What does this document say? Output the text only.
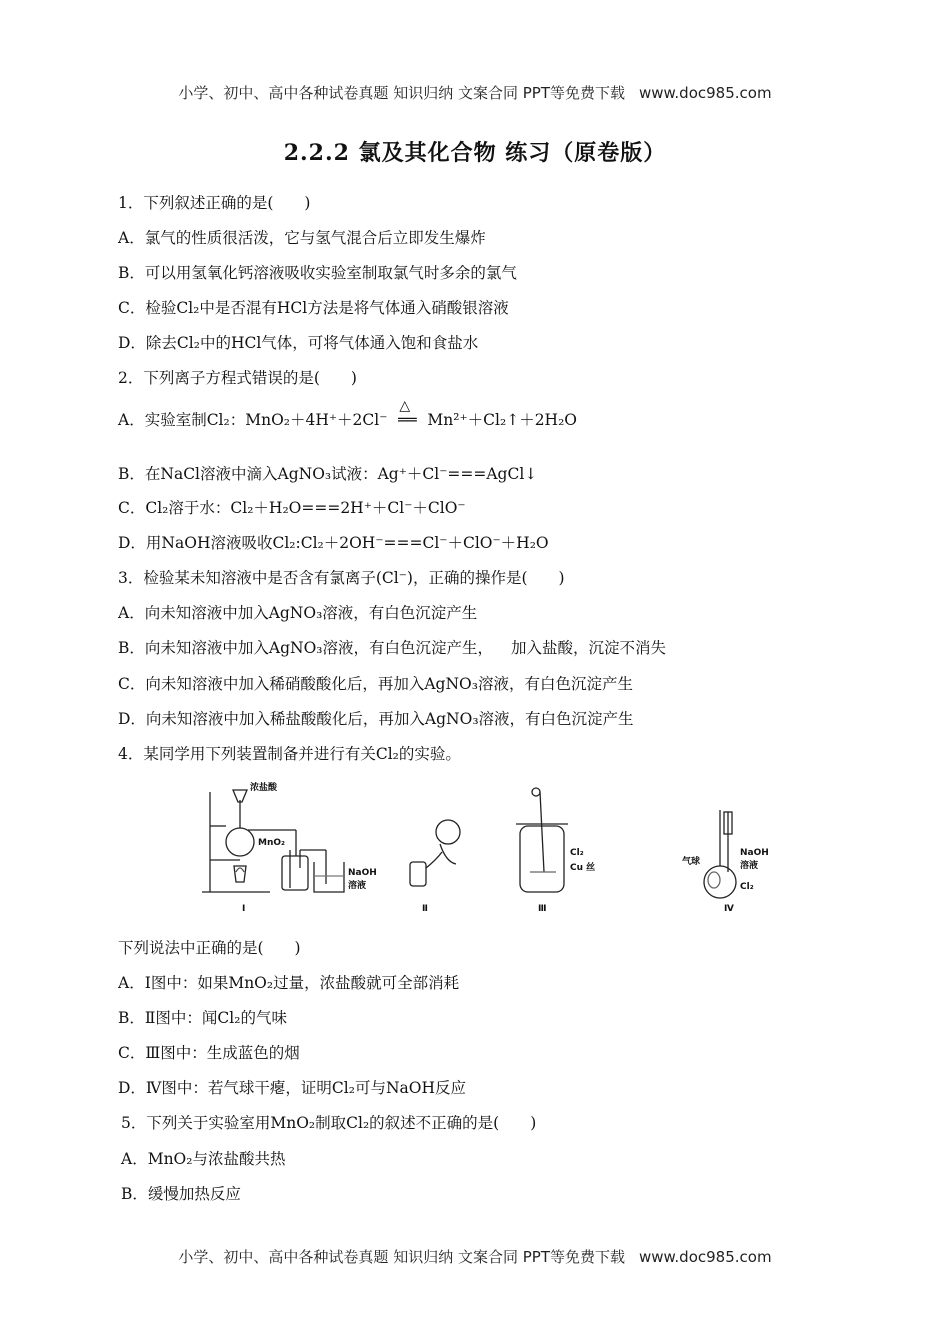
小学、初中、高中各种试卷真题 知识归纳 文案合同 PPT等免费下载 www.doc985.com
2.2.2 氯及其化合物 练习（原卷版）
1．下列叙述正确的是(　　)
A．氯气的性质很活泼，它与氢气混合后立即发生爆炸
B．可以用氢氧化钙溶液吸收实验室制取氯气时多余的氯气
C．检验Cl₂中是否混有HCl方法是将气体通入硝酸银溶液
D．除去Cl₂中的HCl气体，可将气体通入饱和食盐水
2．下列离子方程式错误的是(　　)
A．实验室制Cl₂：MnO₂＋4H⁺＋2Cl⁻
△
══ Mn²⁺＋Cl₂↑＋2H₂O
B．在NaCl溶液中滴入AgNO₃试液：Ag⁺＋Cl⁻===AgCl↓
C．Cl₂溶于水：Cl₂＋H₂O===2H⁺＋Cl⁻＋ClO⁻
D．用NaOH溶液吸收Cl₂:Cl₂＋2OH⁻===Cl⁻＋ClO⁻＋H₂O
3．检验某未知溶液中是否含有氯离子(Cl⁻)，正确的操作是(　　)
A．向未知溶液中加入AgNO₃溶液，有白色沉淀产生
B．向未知溶液中加入AgNO₃溶液，有白色沉淀产生， 加入盐酸，沉淀不消失
C．向未知溶液中加入稀硝酸酸化后，再加入AgNO₃溶液，有白色沉淀产生
D．向未知溶液中加入稀盐酸酸化后，再加入AgNO₃溶液，有白色沉淀产生
4．某同学用下列装置制备并进行有关Cl₂的实验。
浓盐酸
MnO₂
NaOH 溶液
Cl₂
Cu 丝
气球
NaOH 溶液
Cl₂
Ⅰ	Ⅱ	Ⅲ	Ⅳ
下列说法中正确的是(　　)
A．Ⅰ图中：如果MnO₂过量，浓盐酸就可全部消耗
B．Ⅱ图中：闻Cl₂的气味
C．Ⅲ图中：生成蓝色的烟
D．Ⅳ图中：若气球干瘪，证明Cl₂可与NaOH反应
5．下列关于实验室用MnO₂制取Cl₂的叙述不正确的是(　　)
A．MnO₂与浓盐酸共热
B．缓慢加热反应
小学、初中、高中各种试卷真题 知识归纳 文案合同 PPT等免费下载 www.doc985.com
